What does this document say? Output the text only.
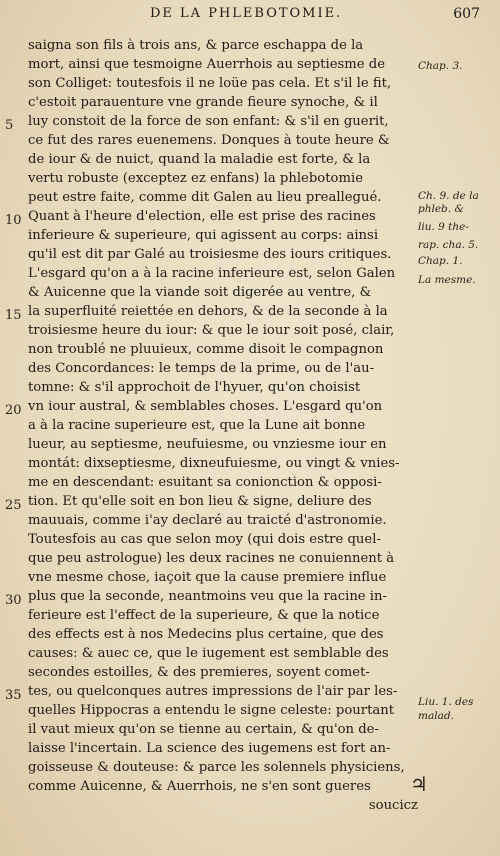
DE LA PHLEBOTOMIE.	607
saigna son fils à trois ans, & parce eschappa de la
mort, ainsi que tesmoigne Auerrhois au septiesme de
son Colliget: toutesfois il ne loüe pas cela. Et s'il le fit,
c'estoit parauenture vne grande fieure synoche, & il
luy constoit de la force de son enfant: & s'il en guerit,
ce fut des rares euenemens. Donques à toute heure &
de iour & de nuict, quand la maladie est forte, & la
vertu robuste (exceptez ez enfans) la phlebotomie
peut estre faite, comme dit Galen au lieu preallegué.
Quant à l'heure d'election, elle est prise des racines
inferieure & superieure, qui agissent au corps: ainsi
qu'il est dit par Galé au troisiesme des iours critiques.
L'esgard qu'on a à la racine inferieure est, selon Galen
& Auicenne que la viande soit digerée au ventre, &
la superfluité reiettée en dehors, & de la seconde à la
troisiesme heure du iour: & que le iour soit posé, clair,
non troublé ne pluuieux, comme disoit le compagnon
des Concordances: le temps de la prime, ou de l'au-
tomne: & s'il approchoit de l'hyuer, qu'on choisist
vn iour austral, & semblables choses. L'esgard qu'on
a à la racine superieure est, que la Lune ait bonne
lueur, au septiesme, neufuiesme, ou vnziesme iour en
montát: dixseptiesme, dixneufuiesme, ou vingt & vnies-
me en descendant: esuitant sa conionction & opposi-
tion. Et qu'elle soit en bon lieu & signe, deliure des
mauuais, comme i'ay declaré au traicté d'astronomie.
Toutesfois au cas que selon moy (qui dois estre quel-
que peu astrologue) les deux racines ne conuiennent à
vne mesme chose, iaçoit que la cause premiere influe
plus que la seconde, neantmoins veu que la racine in-
ferieure est l'effect de la superieure, & que la notice
des effects est à nos Medecins plus certaine, que des
causes: & auec ce, que le iugement est semblable des
secondes estoilles, & des premieres, soyent comet-
tes, ou quelconques autres impressions de l'air par les-
quelles Hippocras a entendu le signe celeste: pourtant
il vaut mieux qu'on se tienne au certain, & qu'on de-
laisse l'incertain. La science des iugemens est fort an-
goisseuse & douteuse: & parce les solennels physiciens,
comme Auicenne, & Auerrhois, ne s'en sont gueres
soucicz
5
10
15
20
25
30
35
Chap. 3.
Ch. 9. de la
phleb. &
liu. 9 the-
rap. cha. 5.
Chap. 1.
La mesme.
Liu. 1. des
malad.
♃
